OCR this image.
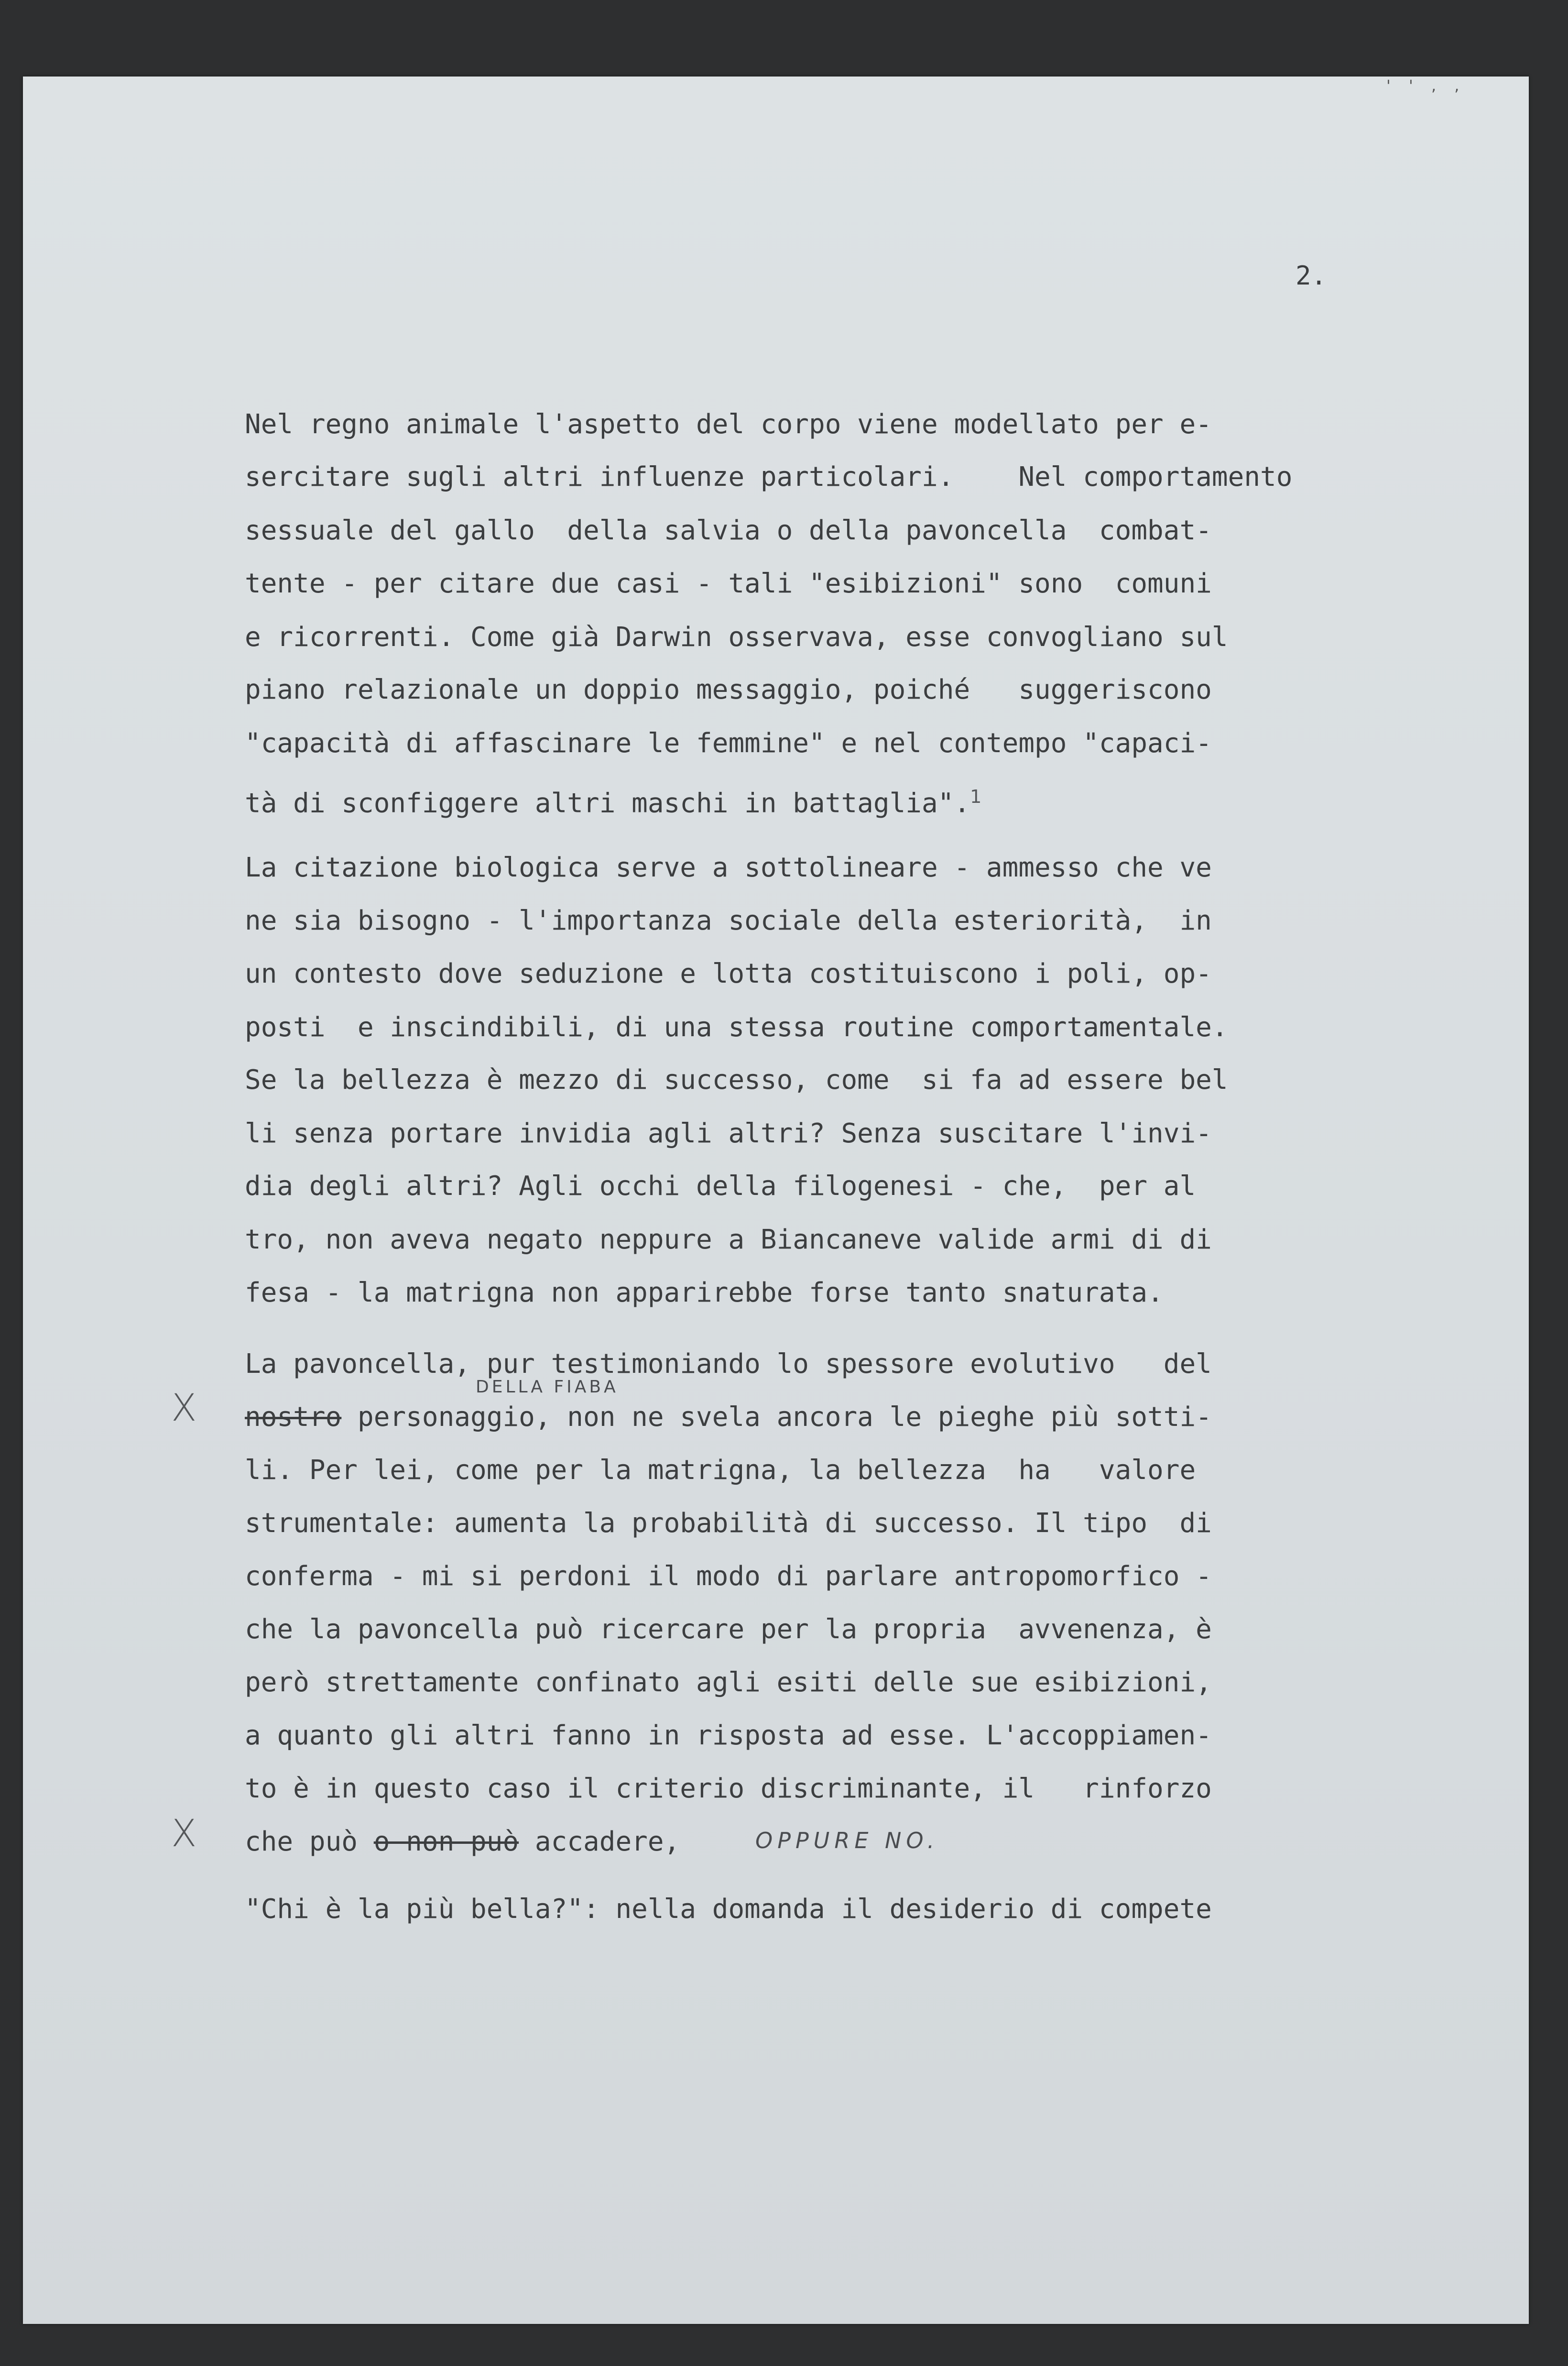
' ' , ,
2.
Nel regno animale l'aspetto del corpo viene modellato per e-
sercitare sugli altri influenze particolari.    Nel comportamento
sessuale del gallo  della salvia o della pavoncella  combat-
tente - per citare due casi - tali "esibizioni" sono  comuni
e ricorrenti. Come già Darwin osservava, esse convogliano sul
piano relazionale un doppio messaggio, poiché   suggeriscono
"capacità di affascinare le femmine" e nel contempo "capaci-
tà di sconfiggere altri maschi in battaglia".$^1$
La citazione biologica serve a sottolineare - ammesso che ve
ne sia bisogno - l'importanza sociale della esteriorità,  in
un contesto dove seduzione e lotta costituiscono i poli, op-
posti  e inscindibili, di una stessa routine comportamentale.
Se la bellezza è mezzo di successo, come  si fa ad essere bel
li senza portare invidia agli altri? Senza suscitare l'invi-
dia degli altri? Agli occhi della filogenesi - che,  per al
tro, non aveva negato neppure a Biancaneve valide armi di di
fesa - la matrigna non apparirebbe forse tanto snaturata.
La pavoncella, pur testimoniando lo spessore evolutivo   del
DELLA FIABA
nostro personaggio, non ne svela ancora le pieghe più sotti-
li. Per lei, come per la matrigna, la bellezza  ha   valore
strumentale: aumenta la probabilità di successo. Il tipo  di
conferma - mi si perdoni il modo di parlare antropomorfico -
che la pavoncella può ricercare per la propria  avvenenza, è
però strettamente confinato agli esiti delle sue esibizioni,
a quanto gli altri fanno in risposta ad esse. L'accoppiamen-
to è in questo caso il criterio discriminante, il   rinforzo
che può o non può accadere,	OPPURE NO.
"Chi è la più bella?": nella domanda il desiderio di compete
X
X
